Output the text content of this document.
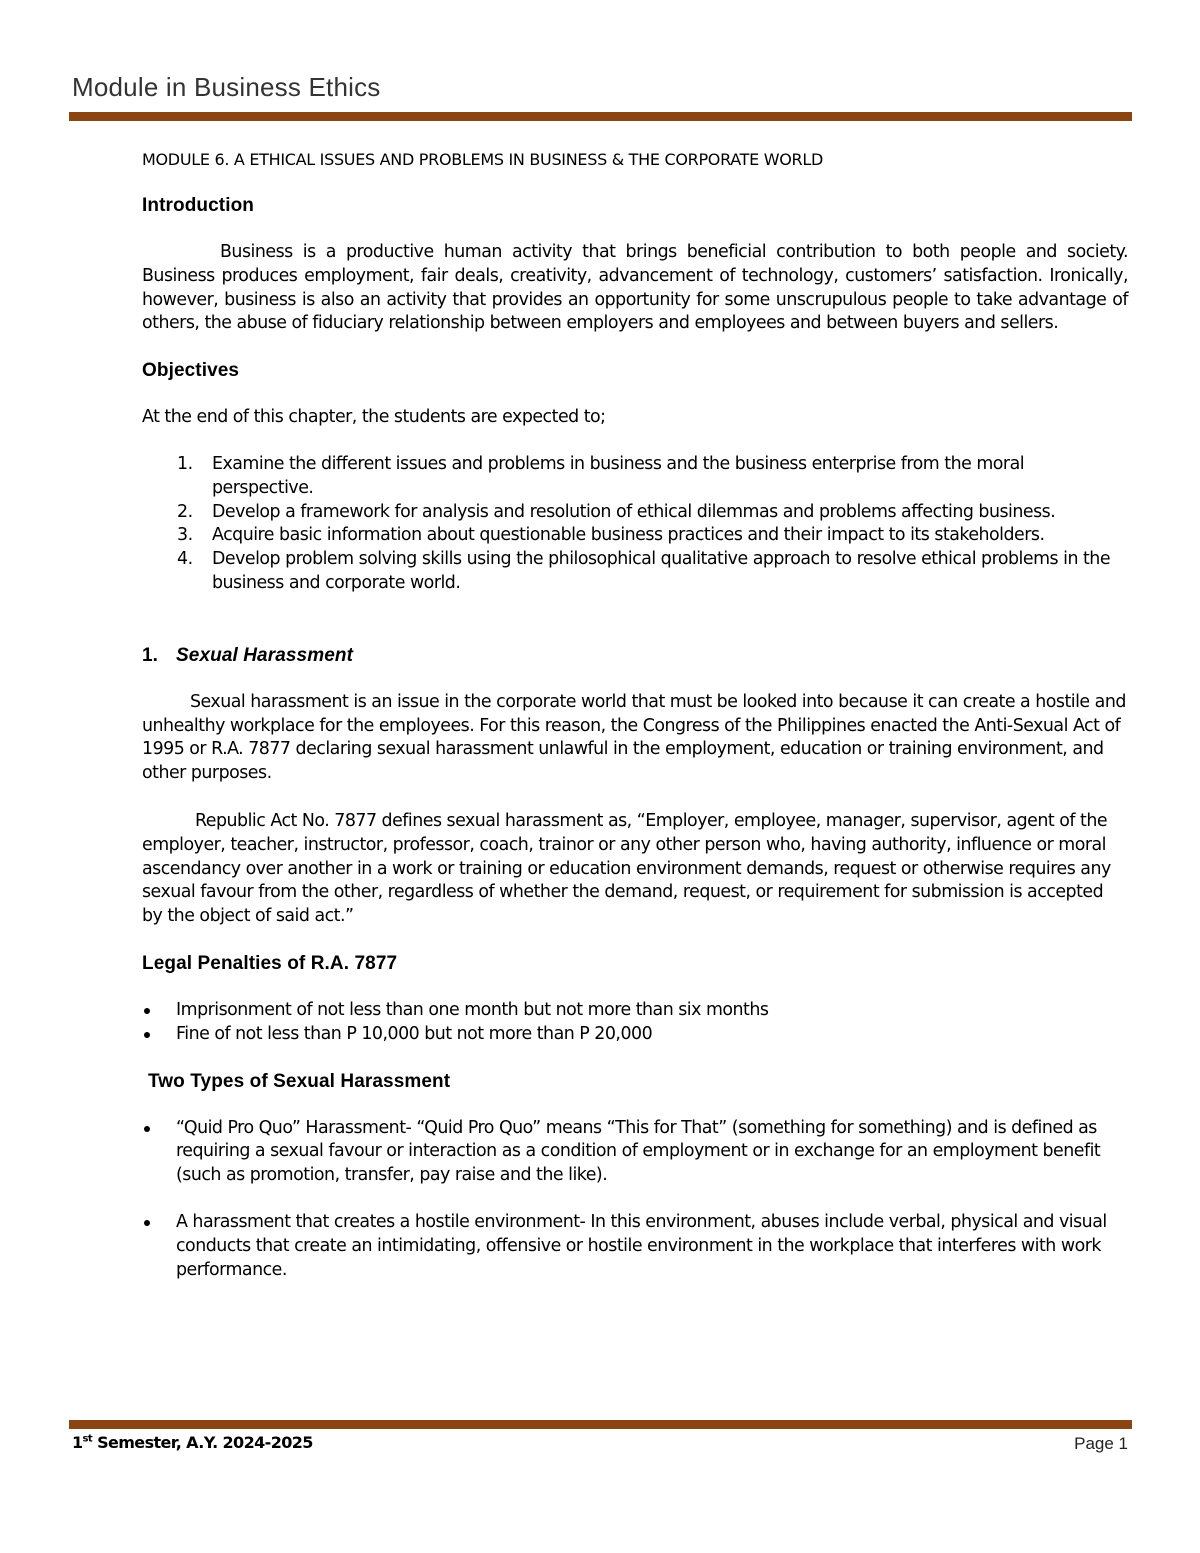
Module in Business Ethics

MODULE 6. A ETHICAL ISSUES AND PROBLEMS IN BUSINESS & THE CORPORATE WORLD

Introduction

Business is a productive human activity that brings beneficial contribution to both people and society. Business produces employment, fair deals, creativity, advancement of technology, customers’ satisfaction. Ironically, however, business is also an activity that provides an opportunity for some unscrupulous people to take advantage of others, the abuse of fiduciary relationship between employers and employees and between buyers and sellers.

Objectives

At the end of this chapter, the students are expected to;

1. Examine the different issues and problems in business and the business enterprise from the moral perspective.
2. Develop a framework for analysis and resolution of ethical dilemmas and problems affecting business.
3. Acquire basic information about questionable business practices and their impact to its stakeholders.
4. Develop problem solving skills using the philosophical qualitative approach to resolve ethical problems in the business and corporate world.
1. Sexual Harassment

Sexual harassment is an issue in the corporate world that must be looked into because it can create a hostile and unhealthy workplace for the employees. For this reason, the Congress of the Philippines enacted the Anti-Sexual Act of 1995 or R.A. 7877 declaring sexual harassment unlawful in the employment, education or training environment, and other purposes.

Republic Act No. 7877 defines sexual harassment as, “Employer, employee, manager, supervisor, agent of the employer, teacher, instructor, professor, coach, trainor or any other person who, having authority, influence or moral ascendancy over another in a work or training or education environment demands, request or otherwise requires any sexual favour from the other, regardless of whether the demand, request, or requirement for submission is accepted by the object of said act.”

Legal Penalties of R.A. 7877
Imprisonment of not less than one month but not more than six months
Fine of not less than P 10,000 but not more than P 20,000
Two Types of Sexual Harassment
“Quid Pro Quo” Harassment- “Quid Pro Quo” means “This for That” (something for something) and is defined as requiring a sexual favour or interaction as a condition of employment or in exchange for an employment benefit (such as promotion, transfer, pay raise and the like).
A harassment that creates a hostile environment- In this environment, abuses include verbal, physical and visual conducts that create an intimidating, offensive or hostile environment in the workplace that interferes with work performance.
1st Semester, A.Y. 2024-2025	Page 1
